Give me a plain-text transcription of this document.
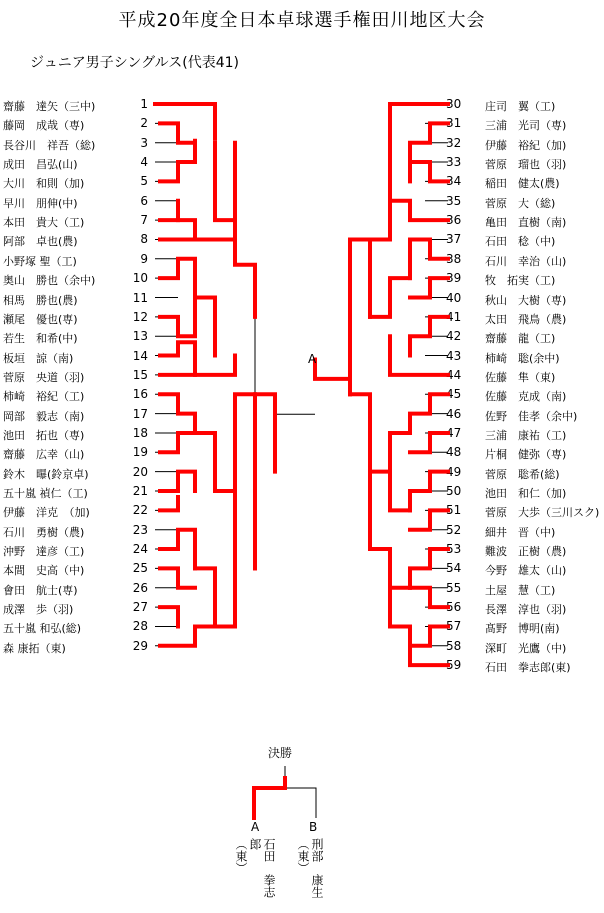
平成20年度全日本卓球選手権田川地区大会
ジュニア男子シングルス(代表41)
齋藤　達矢（三中)	1
藤岡　成哉（専)	2
長谷川　祥吾（総)	3
成田　昌弘(山)	4
大川　和則（加)	5
早川　朋伸(中)	6
本田　貴大（工)	7
阿部　卓也(農)	8
小野塚 聖（工)	9
奥山　勝也（余中)	10
相馬　勝也(農)	11
瀬尾　優也(専)	12
若生　和希(中)	13
板垣　諒（南)	14
菅原　央道（羽)	15
柿崎　裕紀（工)	16
岡部　毅志（南)	17
池田　拓也（専)	18
齋藤　広幸（山)	19
鈴木　曝(鈴京卓)	20
五十嵐 禎仁（工)	21
伊藤　洋克　（加)	22
石川　勇樹（農)	23
沖野　達彦（工)	24
本間　史高（中)	25
會田　航士(専)	26
成澤　歩（羽)	27
五十嵐 和弘(総)	28
森 康拓（東)	29
30	庄司　翼（工)
31	三浦　光司（専)
32	伊藤　裕紀（加)
33	菅原　瑠也（羽)
34	稲田　健太(農)
35	菅原　大（総)
36	亀田　直樹（南)
37	石田　稔（中)
38	石川　幸治（山)
39	牧　拓実（工)
40	秋山　大樹（専)
41	太田　飛鳥（農)
42	齋藤　龍（工)
43	柿崎　聡(余中)
44	佐藤　隼（東)
45	佐藤　克成（南)
46	佐野　佳孝（余中)
47	三浦　康祐（工)
48	片桐　健弥（専)
49	菅原　聡希(総)
50	池田　和仁（加)
51	菅原　大歩（三川スク)
52	細井　晋（中)
53	難波　正樹（農)
54	今野　雄太（山)
55	土屋　慧（工)
56	長澤　淳也（羽)
57	髙野　博明(南)
58	深町　光鷹（中)
59	石田　拳志郎(東)
A
決勝
A	B
（東）	石田　拳志郎	（東） 刑部　康生
